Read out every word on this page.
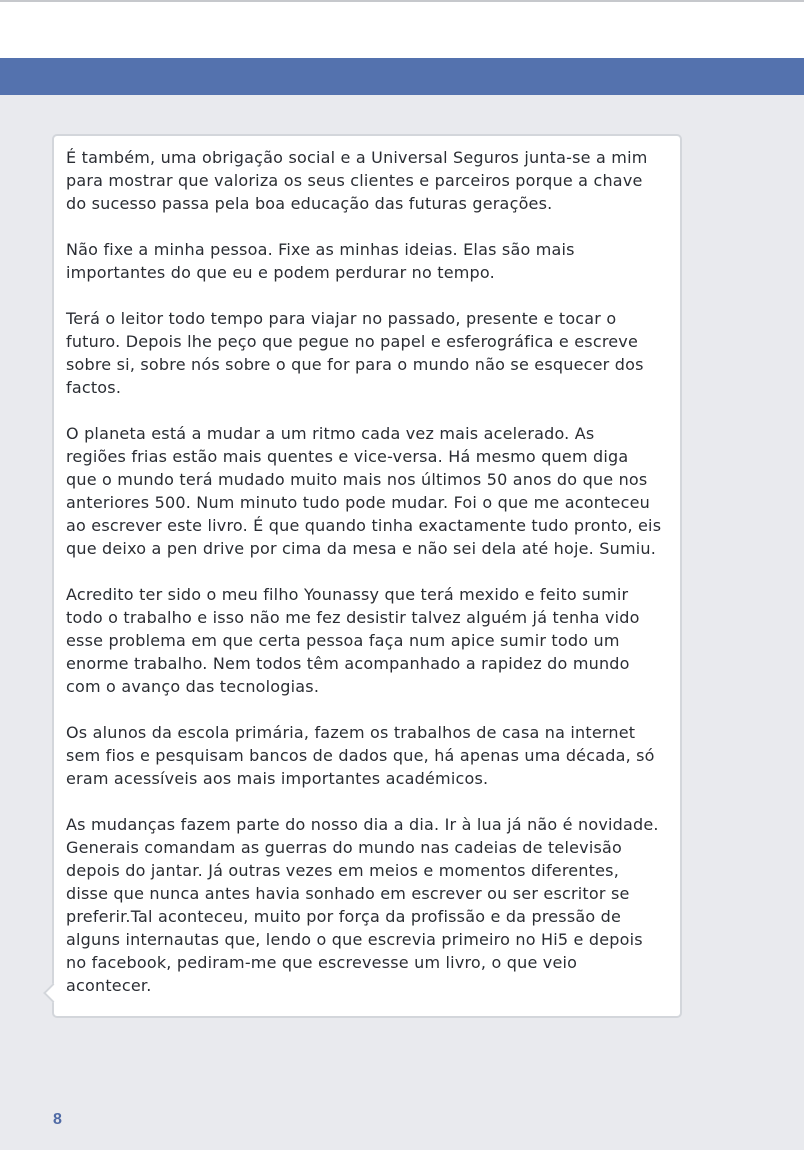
É também, uma obrigação social e a Universal Seguros junta-se a mim
para mostrar que valoriza os seus clientes e parceiros porque a chave
do sucesso passa pela boa educação das futuras gerações.

Não fixe a minha pessoa. Fixe as minhas ideias. Elas são mais
importantes do que eu e podem perdurar no tempo.

Terá o leitor todo tempo para viajar no passado, presente e tocar o
futuro. Depois lhe peço que pegue no papel e esferográfica e escreve
sobre si, sobre nós sobre o que for para o mundo não se esquecer dos
factos.

O planeta está a mudar a um ritmo cada vez mais acelerado. As
regiões frias estão mais quentes e vice-versa. Há mesmo quem diga
que o mundo terá mudado muito mais nos últimos 50 anos do que nos
anteriores 500. Num minuto tudo pode mudar. Foi o que me aconteceu
ao escrever este livro. É que quando tinha exactamente tudo pronto, eis
que deixo a pen drive por cima da mesa e não sei dela até hoje. Sumiu.

Acredito ter sido o meu filho Younassy que terá mexido e feito sumir
todo o trabalho e isso não me fez desistir talvez alguém já tenha vido
esse problema em que certa pessoa faça num apice sumir todo um
enorme trabalho. Nem todos têm acompanhado a rapidez do mundo
com o avanço das tecnologias.

Os alunos da escola primária, fazem os trabalhos de casa na internet
sem fios e pesquisam bancos de dados que, há apenas uma década, só
eram acessíveis aos mais importantes académicos.

As mudanças fazem parte do nosso dia a dia. Ir à lua já não é novidade.
Generais comandam as guerras do mundo nas cadeias de televisão
depois do jantar. Já outras vezes em meios e momentos diferentes,
disse que nunca antes havia sonhado em escrever ou ser escritor se
preferir.Tal aconteceu, muito por força da profissão e da pressão de
alguns internautas que, lendo o que escrevia primeiro no Hi5 e depois
no facebook, pediram-me que escrevesse um livro, o que veio
acontecer.

8
